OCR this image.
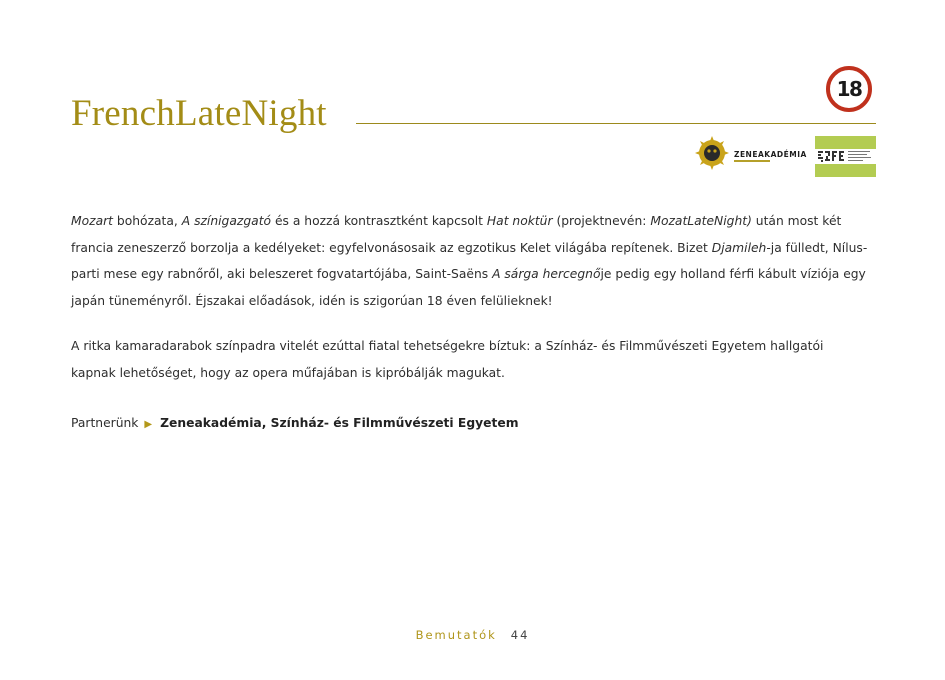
FrenchLateNight
18
ZENEAKADÉMIA

Mozart bohózata, A színigazgató és a hozzá kontrasztként kapcsolt Hat noktür (projektnevén: MozatLateNight) után most két francia zeneszerző borzolja a kedélyeket: egyfelvonásosaik az egzotikus Kelet világába repítenek. Bizet Djamileh-ja fülledt, Nílus-parti mese egy rabnőről, aki beleszeret fogvatartójába, Saint-Saëns A sárga hercegnője pedig egy holland férfi kábult víziója egy japán tüneményről. Éjszakai előadások, idén is szigorúan 18 éven felülieknek!

A ritka kamaradarabok színpadra vitelét ezúttal fiatal tehetségekre bíztuk: a Színház- és Filmművészeti Egyetem hallgatói kapnak lehetőséget, hogy az opera műfajában is kipróbálják magukat.

Partnerünk ▶ Zeneakadémia, Színház- és Filmművészeti Egyetem
Bemutatók 44
